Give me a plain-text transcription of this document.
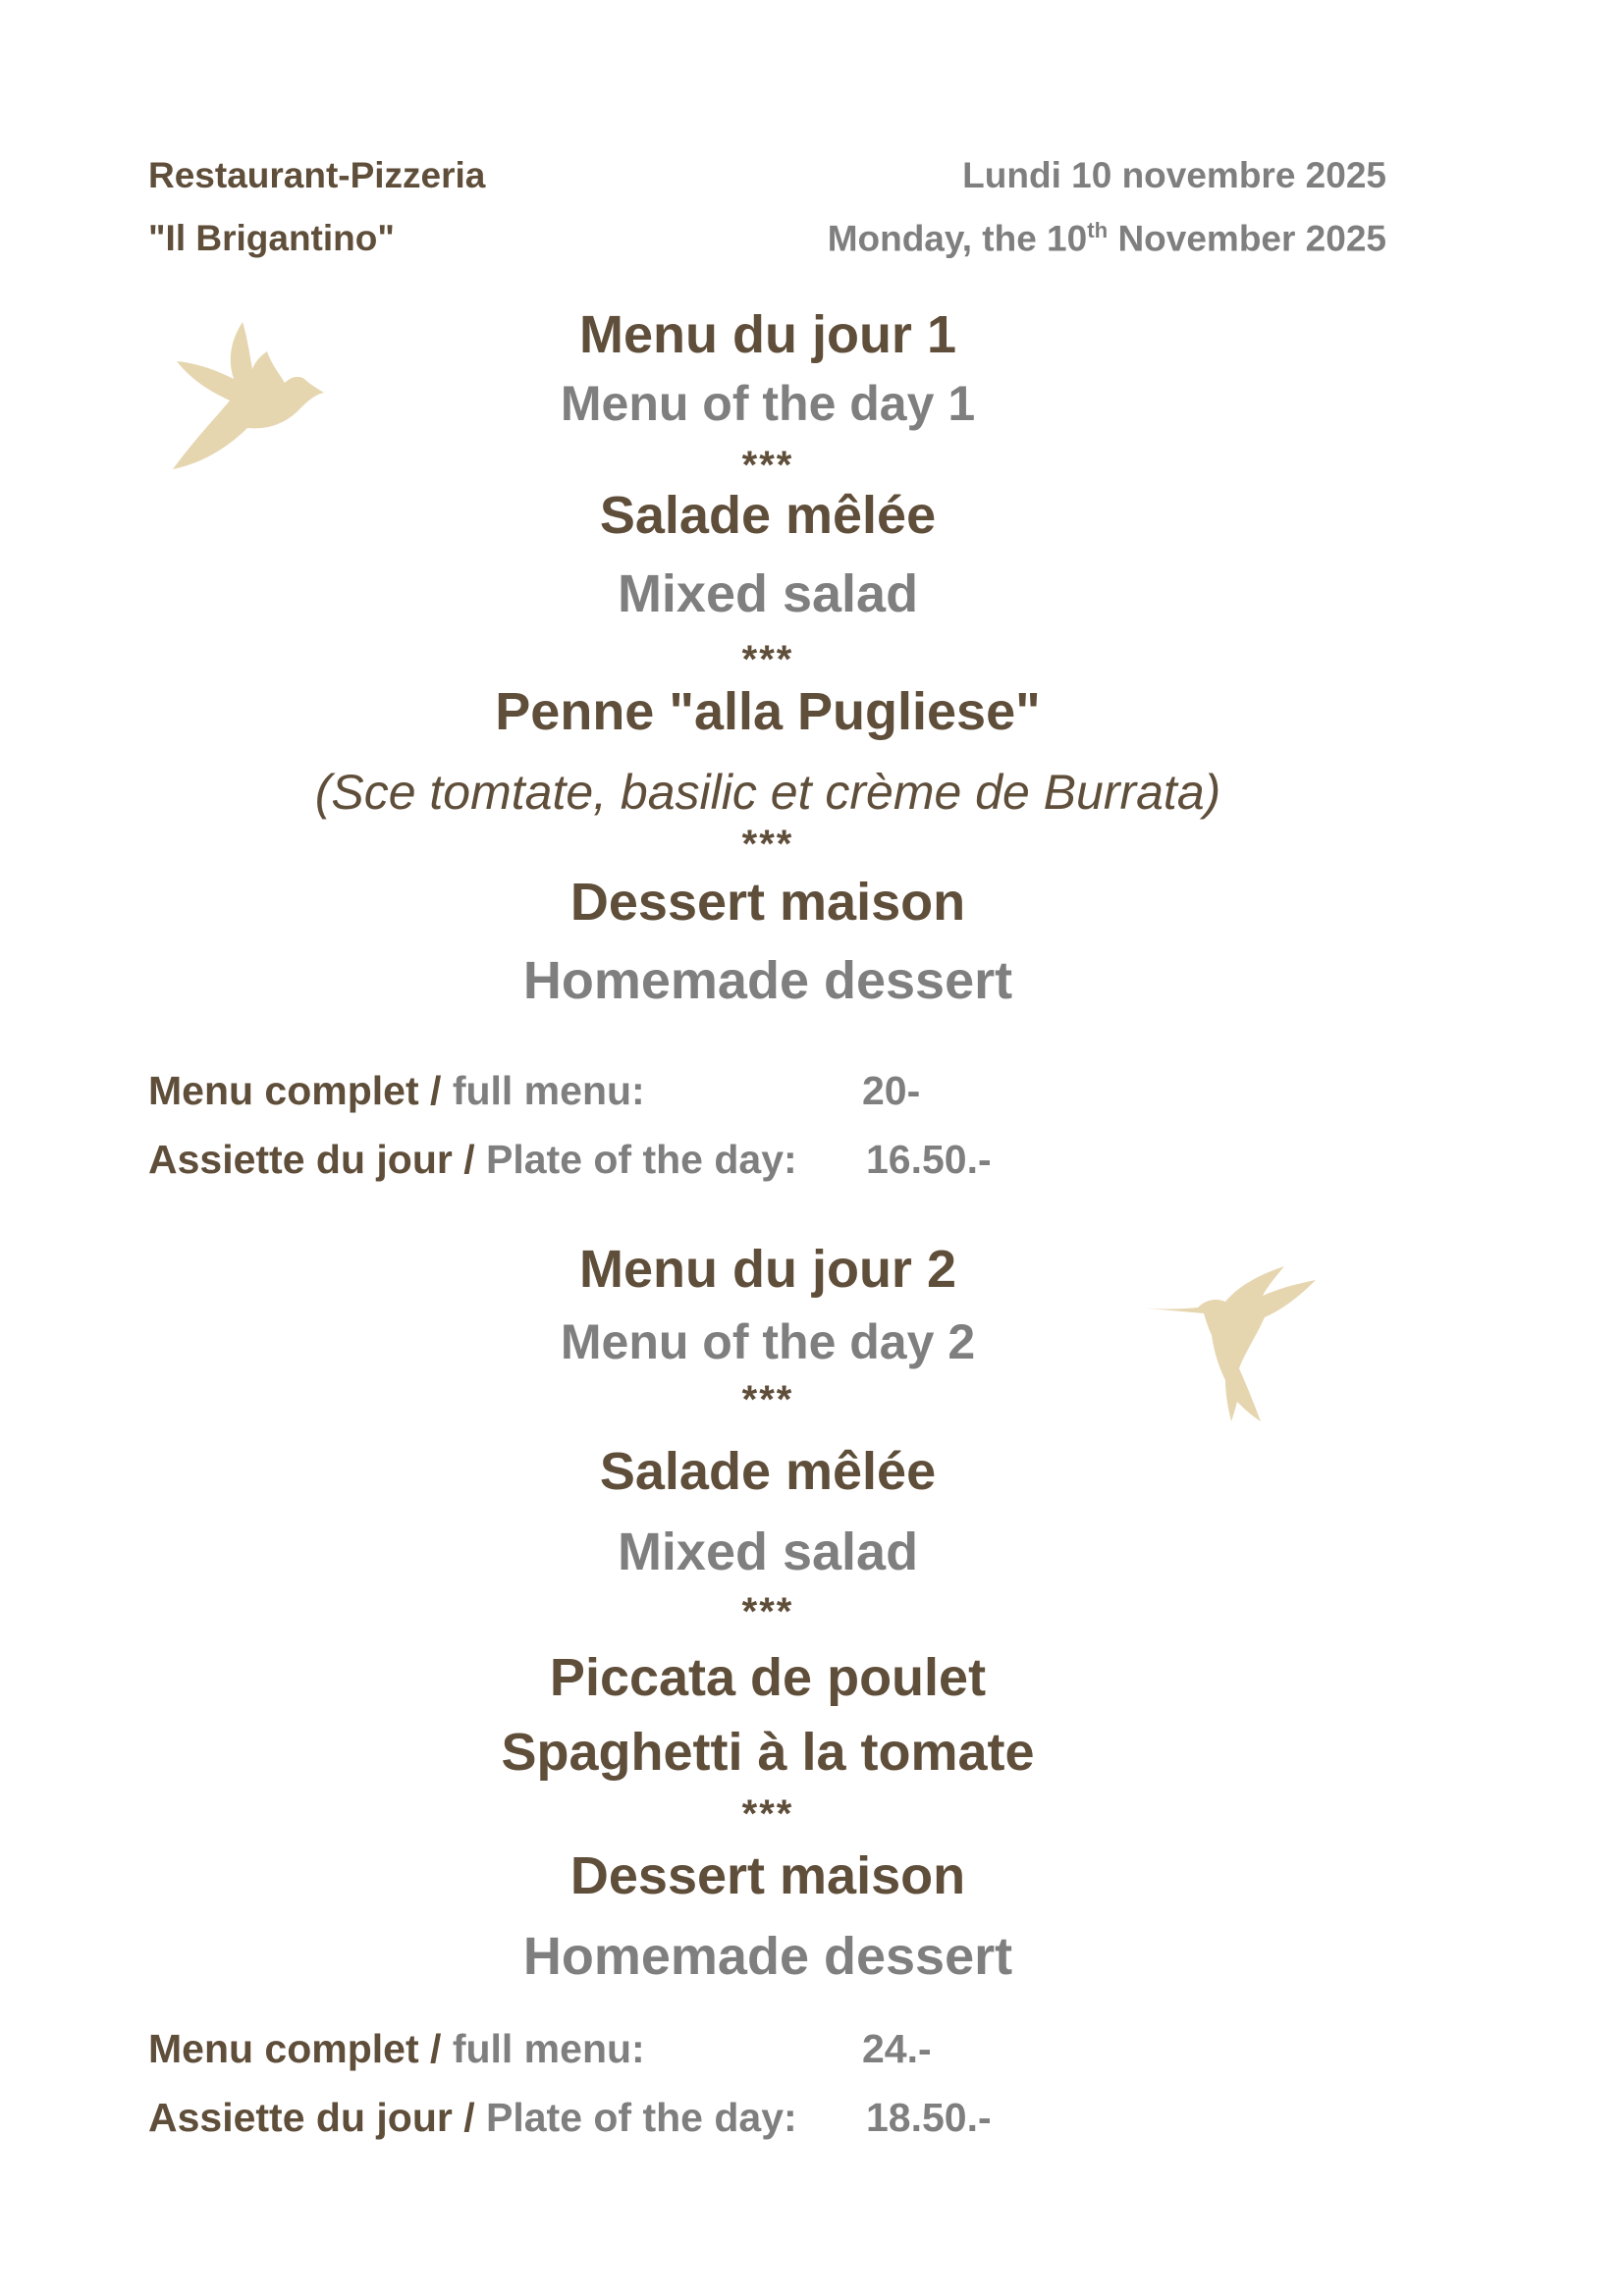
Restaurant-Pizzeria
"Il Brigantino"
Lundi 10 novembre 2025
Monday, the 10th November 2025
Menu du jour 1
Menu of the day 1
***
Salade mêlée
Mixed salad
***
Penne "alla Pugliese"
(Sce tomtate, basilic et crème de Burrata)
***
Dessert maison
Homemade dessert
Menu complet / full menu:	20-
Assiette du jour / Plate of the day: 16.50.-
Menu du jour 2
Menu of the day 2
***
Salade mêlée
Mixed salad
***
Piccata de poulet
Spaghetti à la tomate
***
Dessert maison
Homemade dessert
Menu complet / full menu:	24.-
Assiette du jour / Plate of the day: 18.50.-
